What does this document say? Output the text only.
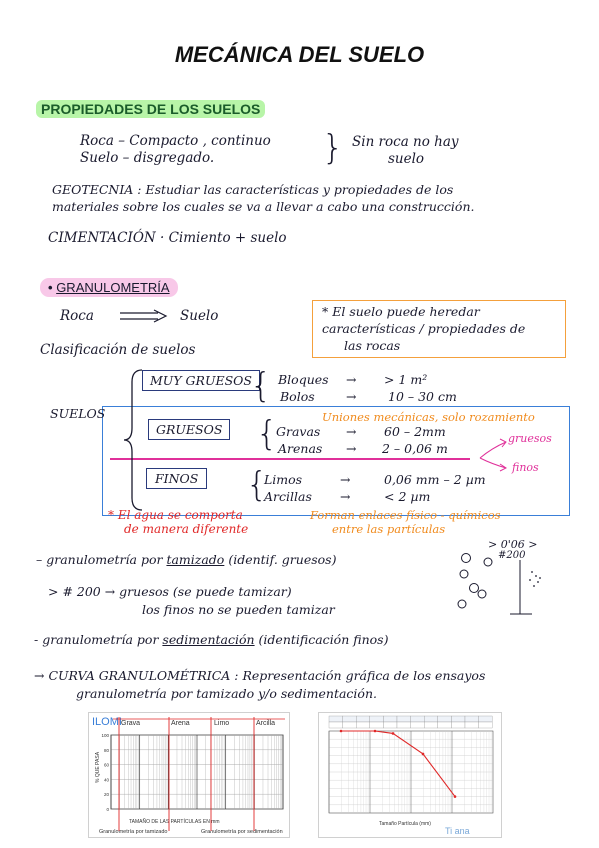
MECÁNICA DEL SUELO
PROPIEDADES DE LOS SUELOS
Roca – Compacto , continuo
Suelo – disgregado.	} Sin roca no hay
suelo
GEOTECNIA : Estudiar las características y propiedades de los
materiales sobre los cuales se va a llevar a cabo una construcción.
CIMENTACIÓN · Cimiento + suelo
• GRANULOMETRÍA
Roca	Suelo	* El suelo puede heredar
características / propiedades de
las rocas
Clasificación de suelos
SUELOS
MUY GRUESOS
GRUESOS
FINOS
{
{
{
Bloques → > 1 m²
Bolos	→	10 – 30 cm
Gravas → 60 – 2mm
Arenas → 2 – 0,06 m
Limos	→	0,06 mm – 2 µm
Arcillas →	< 2 µm
Uniones mecánicas, solo rozamiento
gruesos
finos
* El agua se comporta
de manera diferente
Forman enlaces físico - químicos
entre las partículas
– granulometría por tamizado (identif. gruesos)
> # 200 → gruesos (se puede tamizar)
los finos no se pueden tamizar
- granulometría por sedimentación (identificación finos)
> 0'06 >
#200
→ CURVA GRANULOMÉTRICA : Representación gráfica de los ensayos
granulometría por tamizado y/o sedimentación.
ILOMI Grava	Arena	Limo	Arcilla
TAMAÑO DE LAS PARTÍCULAS EN mm
Granulometría por tamizado	Granulometría por sedimentación
% QUE PASA
100
80
60
40
20
0
Tamaño Partícula (mm)
Ti ana
